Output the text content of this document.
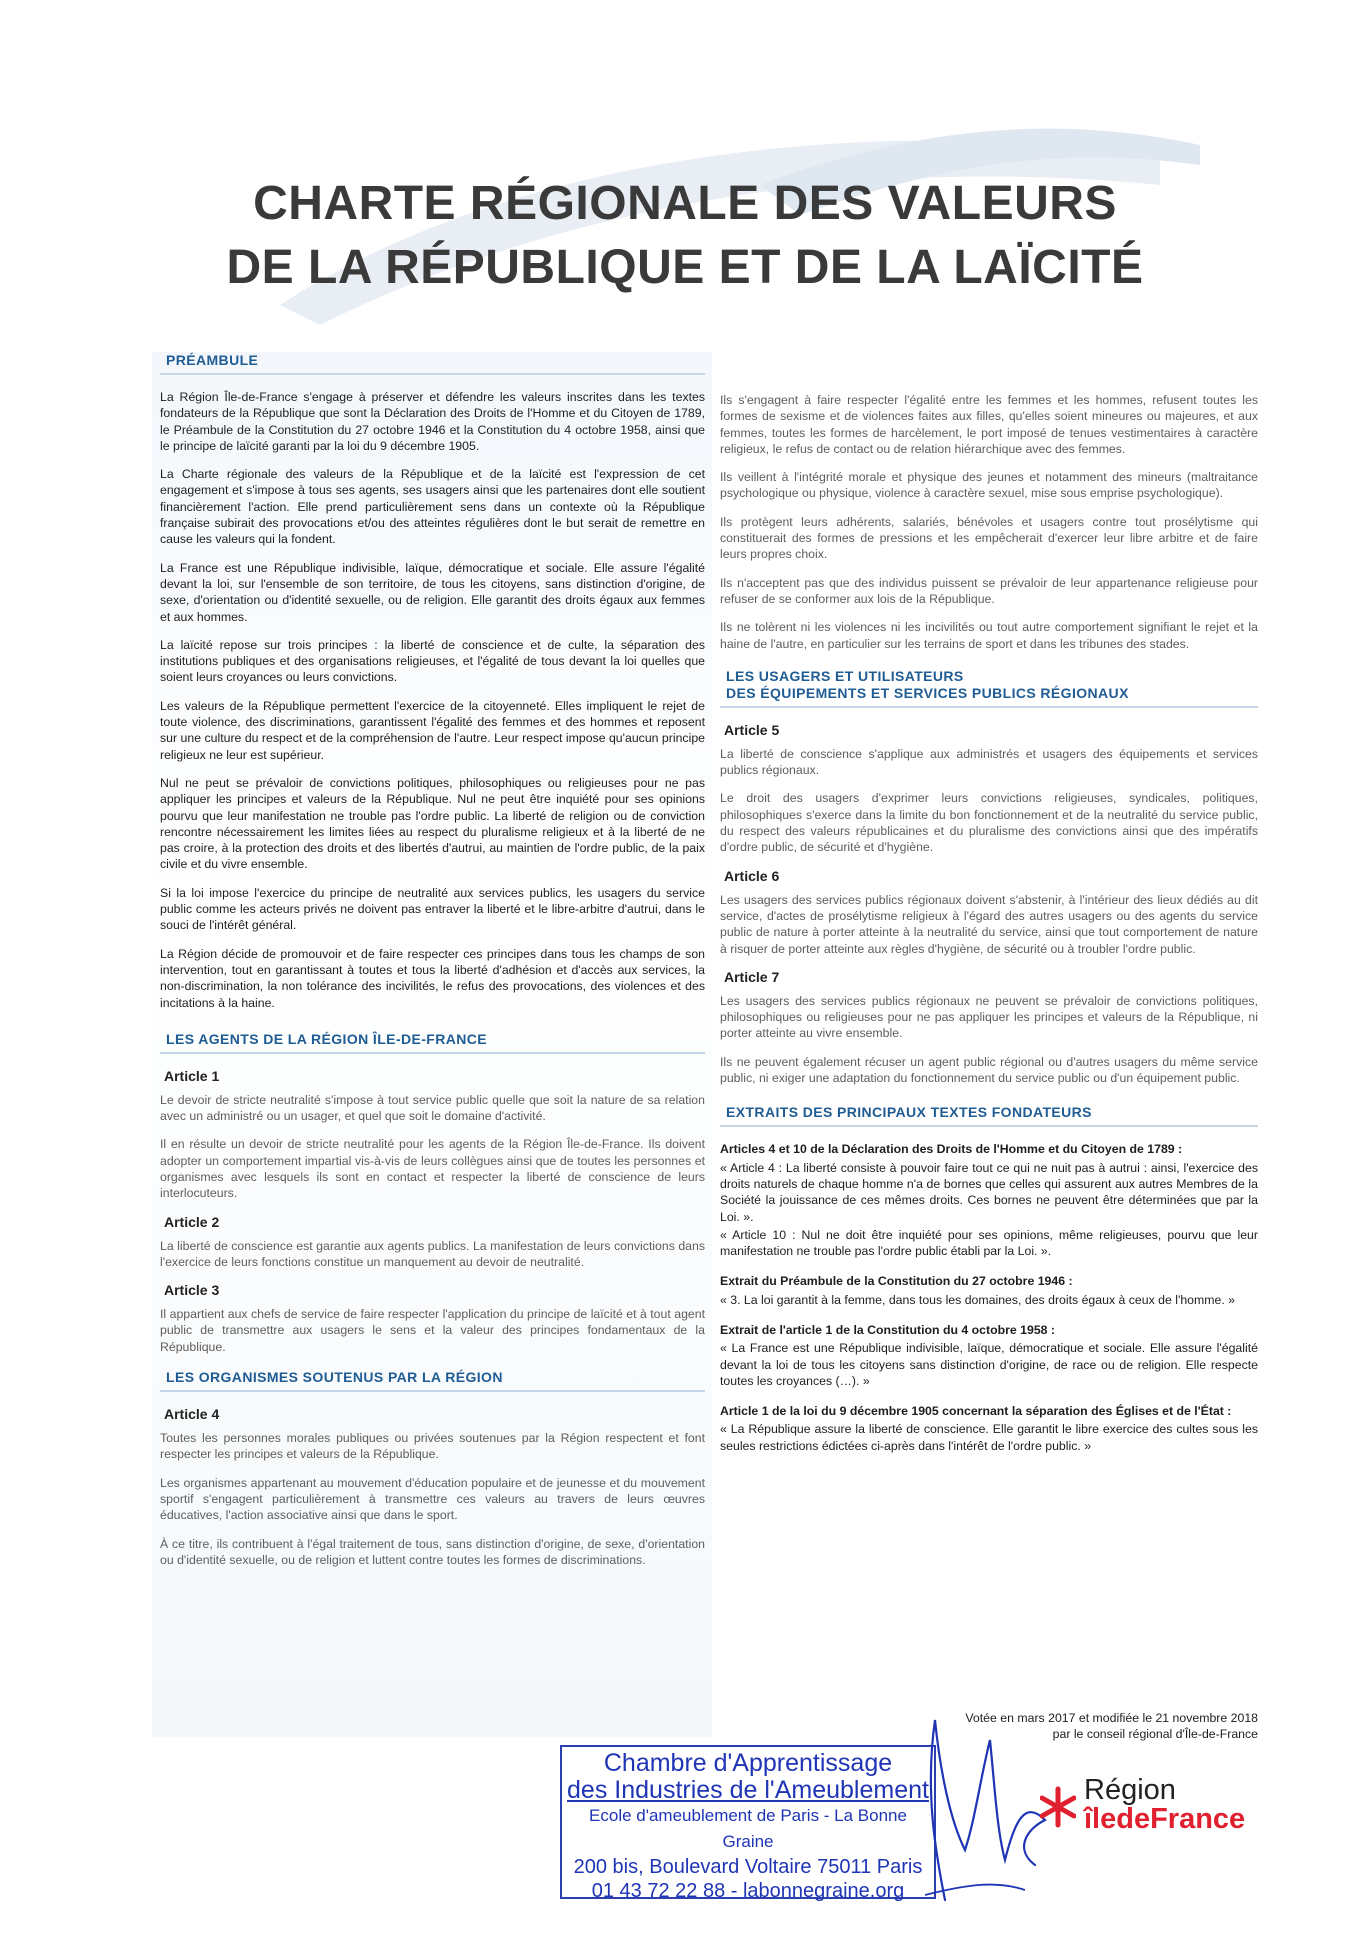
CHARTE RÉGIONALE DES VALEURS
DE LA RÉPUBLIQUE ET DE LA LAÏCITÉ
PRÉAMBULE

La Région Île-de-France s'engage à préserver et défendre les valeurs inscrites dans les textes fondateurs de la République que sont la Déclaration des Droits de l'Homme et du Citoyen de 1789, le Préambule de la Constitution du 27 octobre 1946 et la Constitution du 4 octobre 1958, ainsi que le principe de laïcité garanti par la loi du 9 décembre 1905.

La Charte régionale des valeurs de la République et de la laïcité est l'expression de cet engagement et s'impose à tous ses agents, ses usagers ainsi que les partenaires dont elle soutient financièrement l'action. Elle prend particulièrement sens dans un contexte où la République française subirait des provocations et/ou des atteintes régulières dont le but serait de remettre en cause les valeurs qui la fondent.

La France est une République indivisible, laïque, démocratique et sociale. Elle assure l'égalité devant la loi, sur l'ensemble de son territoire, de tous les citoyens, sans distinction d'origine, de sexe, d'orientation ou d'identité sexuelle, ou de religion. Elle garantit des droits égaux aux femmes et aux hommes.

La laïcité repose sur trois principes : la liberté de conscience et de culte, la séparation des institutions publiques et des organisations religieuses, et l'égalité de tous devant la loi quelles que soient leurs croyances ou leurs convictions.

Les valeurs de la République permettent l'exercice de la citoyenneté. Elles impliquent le rejet de toute violence, des discriminations, garantissent l'égalité des femmes et des hommes et reposent sur une culture du respect et de la compréhension de l'autre. Leur respect impose qu'aucun principe religieux ne leur est supérieur.

Nul ne peut se prévaloir de convictions politiques, philosophiques ou religieuses pour ne pas appliquer les principes et valeurs de la République. Nul ne peut être inquiété pour ses opinions pourvu que leur manifestation ne trouble pas l'ordre public. La liberté de religion ou de conviction rencontre nécessairement les limites liées au respect du pluralisme religieux et à la liberté de ne pas croire, à la protection des droits et des libertés d'autrui, au maintien de l'ordre public, de la paix civile et du vivre ensemble.

Si la loi impose l'exercice du principe de neutralité aux services publics, les usagers du service public comme les acteurs privés ne doivent pas entraver la liberté et le libre-arbitre d'autrui, dans le souci de l'intérêt général.

La Région décide de promouvoir et de faire respecter ces principes dans tous les champs de son intervention, tout en garantissant à toutes et tous la liberté d'adhésion et d'accès aux services, la non-discrimination, la non tolérance des incivilités, le refus des provocations, des violences et des incitations à la haine.

LES AGENTS DE LA RÉGION ÎLE-DE-FRANCE
Article 1

Le devoir de stricte neutralité s'impose à tout service public quelle que soit la nature de sa relation avec un administré ou un usager, et quel que soit le domaine d'activité.

Il en résulte un devoir de stricte neutralité pour les agents de la Région Île-de-France. Ils doivent adopter un comportement impartial vis-à-vis de leurs collègues ainsi que de toutes les personnes et organismes avec lesquels ils sont en contact et respecter la liberté de conscience de leurs interlocuteurs.

Article 2

La liberté de conscience est garantie aux agents publics. La manifestation de leurs convictions dans l'exercice de leurs fonctions constitue un manquement au devoir de neutralité.

Article 3

Il appartient aux chefs de service de faire respecter l'application du principe de laïcité et à tout agent public de transmettre aux usagers le sens et la valeur des principes fondamentaux de la République.

LES ORGANISMES SOUTENUS PAR LA RÉGION
Article 4

Toutes les personnes morales publiques ou privées soutenues par la Région respectent et font respecter les principes et valeurs de la République.

Les organismes appartenant au mouvement d'éducation populaire et de jeunesse et du mouvement sportif s'engagent particulièrement à transmettre ces valeurs au travers de leurs œuvres éducatives, l'action associative ainsi que dans le sport.

À ce titre, ils contribuent à l'égal traitement de tous, sans distinction d'origine, de sexe, d'orientation ou d'identité sexuelle, ou de religion et luttent contre toutes les formes de discriminations.

Ils s'engagent à faire respecter l'égalité entre les femmes et les hommes, refusent toutes les formes de sexisme et de violences faites aux filles, qu'elles soient mineures ou majeures, et aux femmes, toutes les formes de harcèlement, le port imposé de tenues vestimentaires à caractère religieux, le refus de contact ou de relation hiérarchique avec des femmes.

Ils veillent à l'intégrité morale et physique des jeunes et notamment des mineurs (maltraitance psychologique ou physique, violence à caractère sexuel, mise sous emprise psychologique).

Ils protègent leurs adhérents, salariés, bénévoles et usagers contre tout prosélytisme qui constituerait des formes de pressions et les empêcherait d'exercer leur libre arbitre et de faire leurs propres choix.

Ils n'acceptent pas que des individus puissent se prévaloir de leur appartenance religieuse pour refuser de se conformer aux lois de la République.

Ils ne tolèrent ni les violences ni les incivilités ou tout autre comportement signifiant le rejet et la haine de l'autre, en particulier sur les terrains de sport et dans les tribunes des stades.

LES USAGERS ET UTILISATEURS
DES ÉQUIPEMENTS ET SERVICES PUBLICS RÉGIONAUX
Article 5

La liberté de conscience s'applique aux administrés et usagers des équipements et services publics régionaux.

Le droit des usagers d'exprimer leurs convictions religieuses, syndicales, politiques, philosophiques s'exerce dans la limite du bon fonctionnement et de la neutralité du service public, du respect des valeurs républicaines et du pluralisme des convictions ainsi que des impératifs d'ordre public, de sécurité et d'hygiène.

Article 6

Les usagers des services publics régionaux doivent s'abstenir, à l'intérieur des lieux dédiés au dit service, d'actes de prosélytisme religieux à l'égard des autres usagers ou des agents du service public de nature à porter atteinte à la neutralité du service, ainsi que tout comportement de nature à risquer de porter atteinte aux règles d'hygiène, de sécurité ou à troubler l'ordre public.

Article 7

Les usagers des services publics régionaux ne peuvent se prévaloir de convictions politiques, philosophiques ou religieuses pour ne pas appliquer les principes et valeurs de la République, ni porter atteinte au vivre ensemble.

Ils ne peuvent également récuser un agent public régional ou d'autres usagers du même service public, ni exiger une adaptation du fonctionnement du service public ou d'un équipement public.

EXTRAITS DES PRINCIPAUX TEXTES FONDATEURS

Articles 4 et 10 de la Déclaration des Droits de l'Homme et du Citoyen de 1789 :

« Article 4 : La liberté consiste à pouvoir faire tout ce qui ne nuit pas à autrui : ainsi, l'exercice des droits naturels de chaque homme n'a de bornes que celles qui assurent aux autres Membres de la Société la jouissance de ces mêmes droits. Ces bornes ne peuvent être déterminées que par la Loi. ».

« Article 10 : Nul ne doit être inquiété pour ses opinions, même religieuses, pourvu que leur manifestation ne trouble pas l'ordre public établi par la Loi. ».

Extrait du Préambule de la Constitution du 27 octobre 1946 :

« 3. La loi garantit à la femme, dans tous les domaines, des droits égaux à ceux de l'homme. »

Extrait de l'article 1 de la Constitution du 4 octobre 1958 :

« La France est une République indivisible, laïque, démocratique et sociale. Elle assure l'égalité devant la loi de tous les citoyens sans distinction d'origine, de race ou de religion. Elle respecte toutes les croyances (…). »

Article 1 de la loi du 9 décembre 1905 concernant la séparation des Églises et de l'État :

« La République assure la liberté de conscience. Elle garantit le libre exercice des cultes sous les seules restrictions édictées ci-après dans l'intérêt de l'ordre public. »

Votée en mars 2017 et modifiée le 21 novembre 2018
par le conseil régional d'Île-de-France
Chambre d'Apprentissage
des Industries de l'Ameublement
Ecole d'ameublement de Paris - La Bonne Graine
200 bis, Boulevard Voltaire 75011 Paris
01 43 72 22 88 - labonnegraine.org
Région
îledeFrance
